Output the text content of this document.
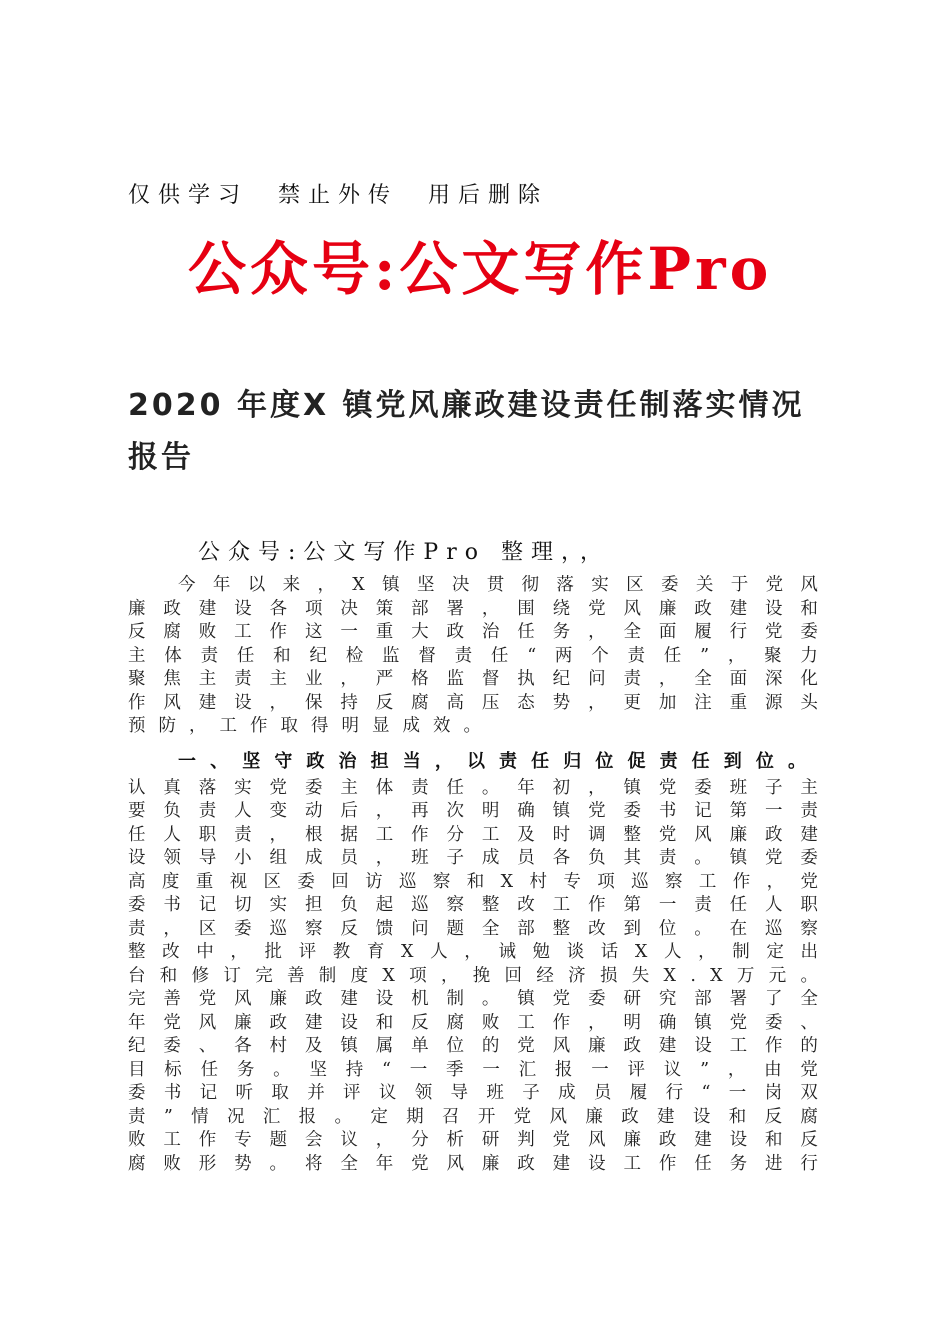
仅供学习  禁止外传  用后删除
公众号:公文写作Pro
2020 年度X 镇党风廉政建设责任制落实情况报告
公众号:公文写作Pro 整理，，
今年以来，X镇坚决贯彻落实区委关于党风
廉政建设各项决策部署，围绕党风廉政建设和
反腐败工作这一重大政治任务，全面履行党委
主体责任和纪检监督责任“两个责任”，聚力
聚焦主责主业，严格监督执纪问责，全面深化
作风建设，保持反腐高压态势，更加注重源头
预防，工作取得明显成效。
一、坚守政治担当，以责任归位促责任到位。
认真落实党委主体责任。年初，镇党委班子主
要负责人变动后，再次明确镇党委书记第一责
任人职责，根据工作分工及时调整党风廉政建
设领导小组成员，班子成员各负其责。镇党委
高度重视区委回访巡察和X村专项巡察工作，党
委书记切实担负起巡察整改工作第一责任人职
责，区委巡察反馈问题全部整改到位。在巡察
整改中，批评教育X人，诫勉谈话X人，制定出
台和修订完善制度X项，挽回经济损失X.X万元。
完善党风廉政建设机制。镇党委研究部署了全
年党风廉政建设和反腐败工作，明确镇党委、
纪委、各村及镇属单位的党风廉政建设工作的
目标任务。坚持“一季一汇报一评议”，由党
委书记听取并评议领导班子成员履行“一岗双
责”情况汇报。定期召开党风廉政建设和反腐
败工作专题会议，分析研判党风廉政建设和反
腐败形势。将全年党风廉政建设工作任务进行
